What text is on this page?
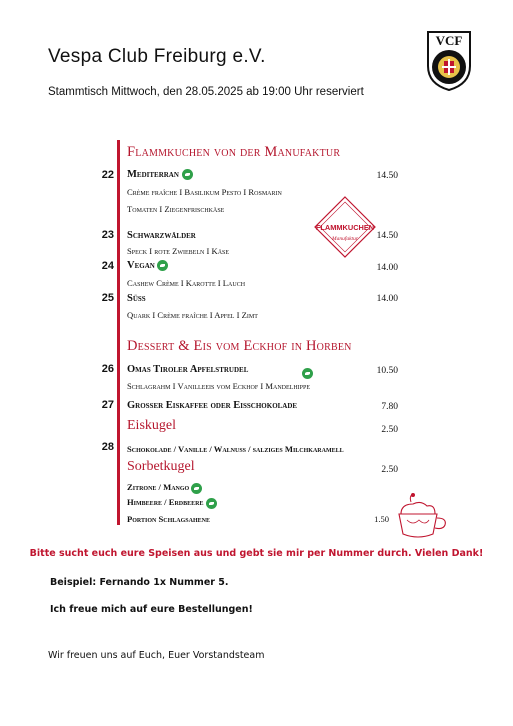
Vespa Club Freiburg e.V.
Stammtisch Mittwoch, den 28.05.2025 ab 19:00 Uhr reserviert
VCF
Flammkuchen von der Manufaktur
22 Mediterran	14.50
Crème fraîche I Basilikum Pesto I Rosmarin
Tomaten I Ziegenfrischkäse
FLAMMKUCHEN
Manufaktur
23 Schwarzwälder	14.50
Speck I rote Zwiebeln I Käse
24 Vegan	14.00
Cashew Crème I Karotte I Lauch
25 Süss	14.00
Quark I Crème fraîche I Apfel I Zimt
Dessert & Eis vom Eckhof in Horben
26 Omas Tiroler Apfelstrudel	10.50
Schlagrahm I Vanilleeis vom Eckhof I Mandelhippe
27 Grosser Eiskaffee oder Eisschokolade	7.80
Eiskugel	2.50
28 Schokolade / Vanille / Walnuss / salziges Milchkaramell
Sorbetkugel	2.50
Zitrone / Mango
Himbeere / Erdbeere
Portion Schlagsahene	1.50
Bitte sucht euch eure Speisen aus und gebt sie mir per Nummer durch. Vielen Dank!
Beispiel: Fernando 1x Nummer 5.
Ich freue mich auf eure Bestellungen!
Wir freuen uns auf Euch, Euer Vorstandsteam
